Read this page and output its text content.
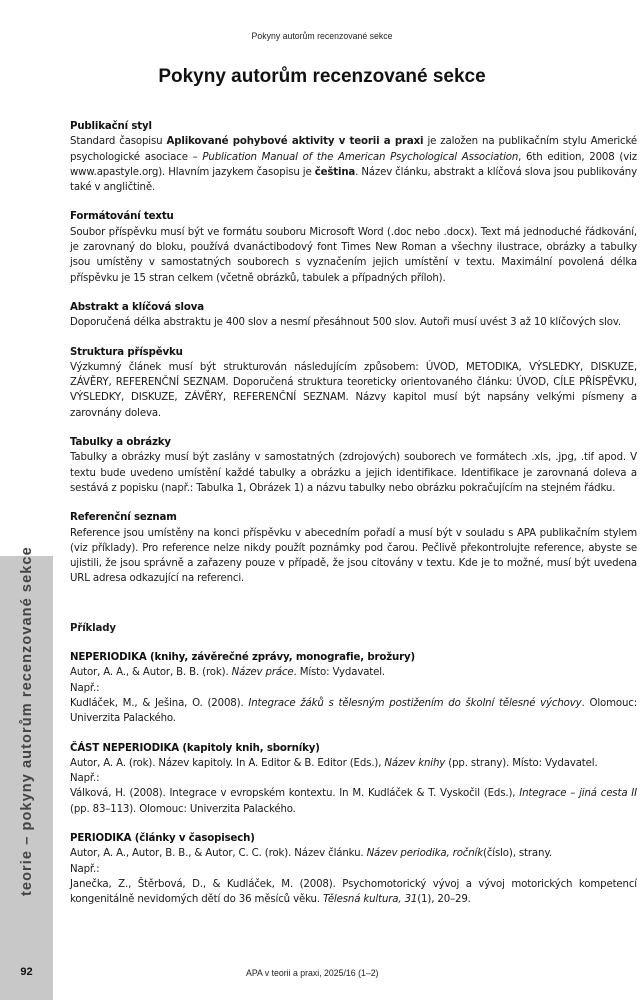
Pokyny autorům recenzované sekce
Pokyny autorům recenzované sekce

Publikační styl

Standard časopisu Aplikované pohybové aktivity v teorii a praxi je založen na publikačním stylu Americké psychologické asociace – Publication Manual of the American Psychological Association, 6th edition, 2008 (viz www.apastyle.org). Hlavním jazykem časopisu je čeština. Název článku, abstrakt a klíčová slova jsou publikovány také v angličtině.

Formátování textu

Soubor příspěvku musí být ve formátu souboru Microsoft Word (.doc nebo .docx). Text má jednoduché řádkování, je zarovnaný do bloku, používá dvanáctibodový font Times New Roman a všechny ilustrace, obrázky a tabulky jsou umístěny v samostatných souborech s vyznačením jejich umístění v textu. Maximální povolená délka příspěvku je 15 stran celkem (včetně obrázků, tabulek a případných příloh).

Abstrakt a klíčová slova

Doporučená délka abstraktu je 400 slov a nesmí přesáhnout 500 slov. Autoři musí uvést 3 až 10 klíčových slov.

Struktura příspěvku

Výzkumný článek musí být strukturován následujícím způsobem: ÚVOD, METODIKA, VÝSLEDKY, DISKUZE, ZÁVĚRY, REFERENČNÍ SEZNAM. Doporučená struktura teoreticky orientovaného článku: ÚVOD, CÍLE PŘÍSPĚVKU, VÝSLEDKY, DISKUZE, ZÁVĚRY, REFERENČNÍ SEZNAM. Názvy kapitol musí být napsány velkými písmeny a zarovnány doleva.

Tabulky a obrázky

Tabulky a obrázky musí být zaslány v samostatných (zdrojových) souborech ve formátech .xls, .jpg, .tif apod. V textu bude uvedeno umístění každé tabulky a obrázku a jejich identifikace. Identifikace je zarovnaná doleva a sestává z popisku (např.: Tabulka 1, Obrázek 1) a názvu tabulky nebo obrázku pokračujícím na stejném řádku.

Referenční seznam

Reference jsou umístěny na konci příspěvku v abecedním pořadí a musí být v souladu s APA publikačním stylem (viz příklady). Pro reference nelze nikdy použít poznámky pod čarou. Pečlivě překontrolujte reference, abyste se ujistili, že jsou správně a zařazeny pouze v případě, že jsou citovány v textu. Kde je to možné, musí být uvedena URL adresa odkazující na referenci.

Příklady

NEPERIODIKA (knihy, závěrečné zprávy, monografie, brožury)

Autor, A. A., & Autor, B. B. (rok). Název práce. Místo: Vydavatel.

Např.:

Kudláček, M., & Ješina, O. (2008). Integrace žáků s tělesným postižením do školní tělesné výchovy. Olomouc: Univerzita Palackého.

ČÁST NEPERIODIKA (kapitoly knih, sborníky)

Autor, A. A. (rok). Název kapitoly. In A. Editor & B. Editor (Eds.), Název knihy (pp. strany). Místo: Vydavatel.

Např.:

Válková, H. (2008). Integrace v evropském kontextu. In M. Kudláček & T. Vyskočil (Eds.), Integrace – jiná cesta II (pp. 83–113). Olomouc: Univerzita Palackého.

PERIODIKA (články v časopisech)

Autor, A. A., Autor, B. B., & Autor, C. C. (rok). Název článku. Název periodika, ročník(číslo), strany.

Např.:

Janečka, Z., Štěrbová, D., & Kudláček, M. (2008). Psychomotorický vývoj a vývoj motorických kompetencí kongenitálně nevidomých dětí do 36 měsíců věku. Tělesná kultura, 31(1), 20–29.

teorie – pokyny autorům recenzované sekce
92	APA v teorii a praxi, 2025/16 (1–2)
